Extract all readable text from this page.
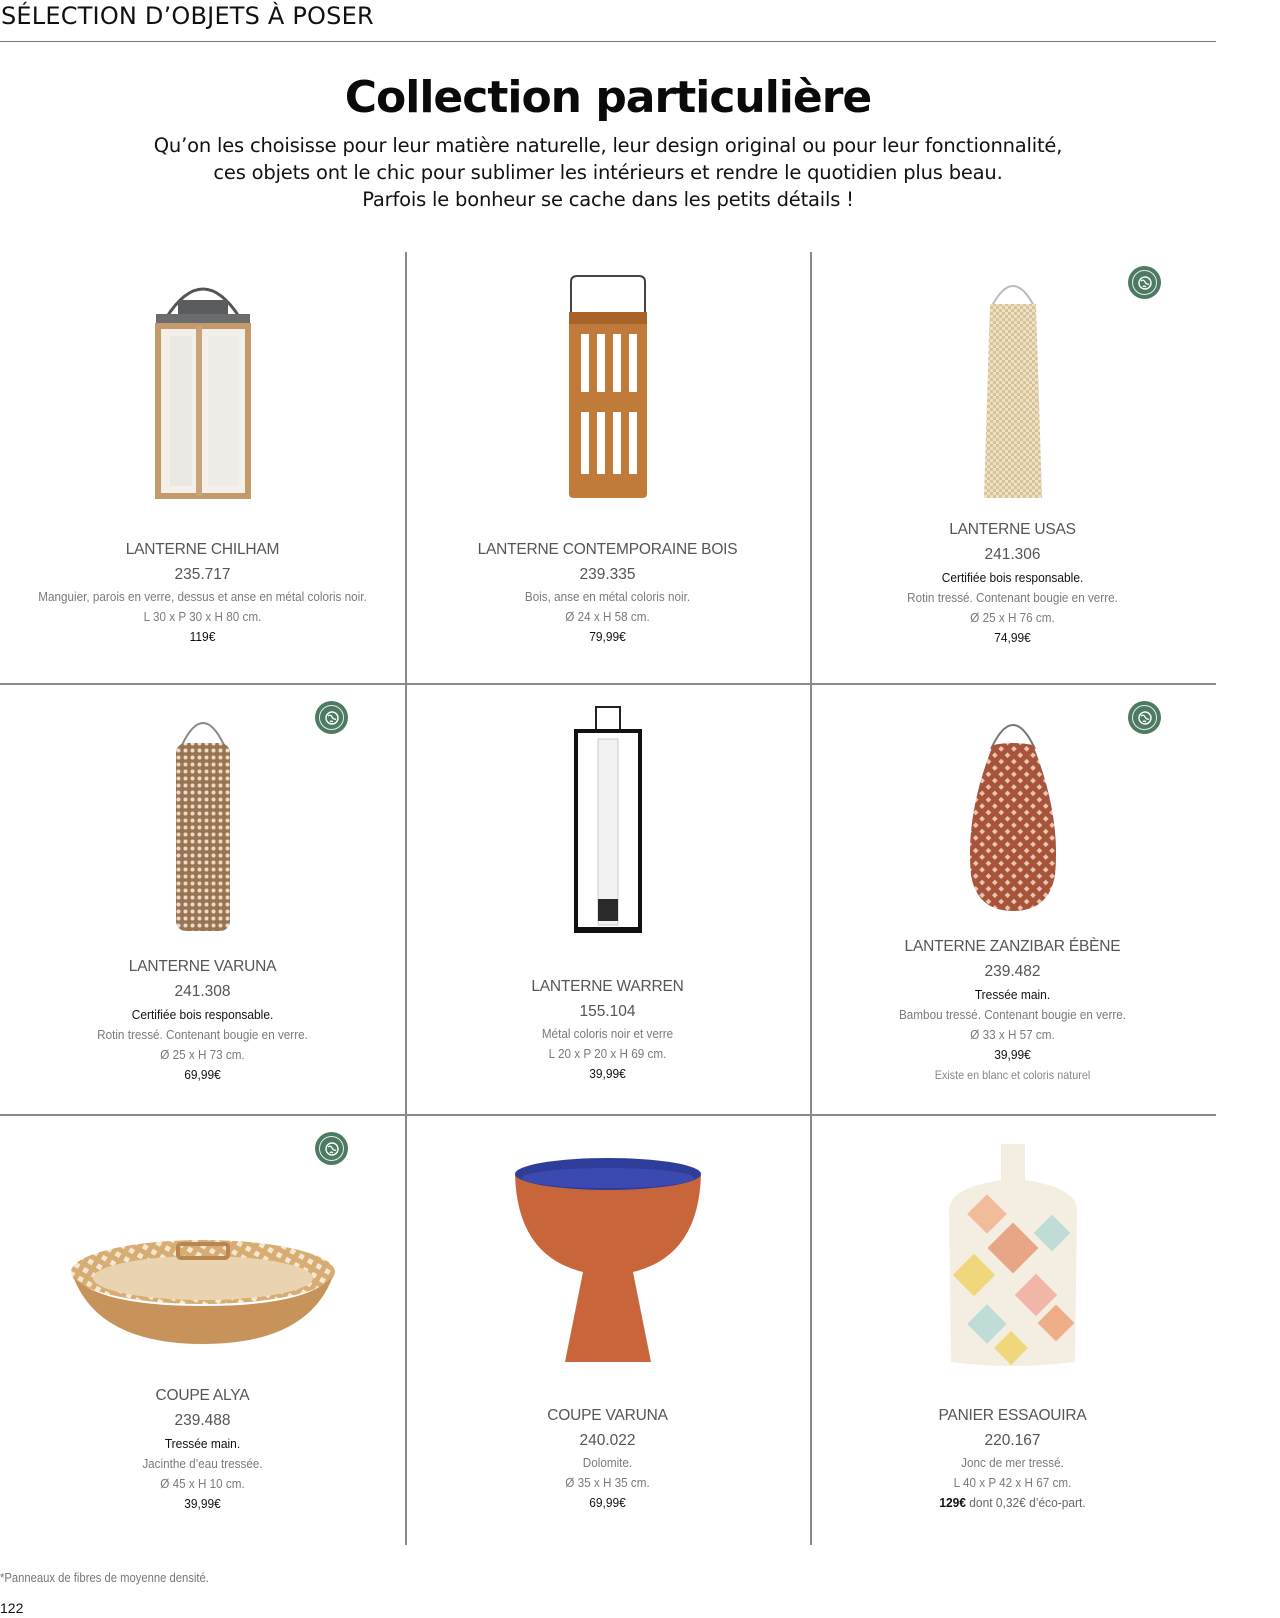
SÉLECTION D’OBJETS À POSER
Collection particulière
Qu’on les choisisse pour leur matière naturelle, leur design original ou pour leur fonctionnalité,
ces objets ont le chic pour sublimer les intérieurs et rendre le quotidien plus beau.
Parfois le bonheur se cache dans les petits détails !
LANTERNE CHILHAM
235.717
Manguier, parois en verre, dessus et anse en métal coloris noir.
L 30 x P 30 x H 80 cm.
119€
LANTERNE CONTEMPORAINE BOIS
239.335
Bois, anse en métal coloris noir.
Ø 24 x H 58 cm.
79,99€
LANTERNE USAS
241.306
Certifiée bois responsable.
Rotin tressé. Contenant bougie en verre.
Ø 25 x H 76 cm.
74,99€
LANTERNE VARUNA
241.308
Certifiée bois responsable.
Rotin tressé. Contenant bougie en verre.
Ø 25 x H 73 cm.
69,99€
LANTERNE WARREN
155.104
Métal coloris noir et verre
L 20 x P 20 x H 69 cm.
39,99€
LANTERNE ZANZIBAR ÉBÈNE
239.482
Tressée main.
Bambou tressé. Contenant bougie en verre.
Ø 33 x H 57 cm.
39,99€
Existe en blanc et coloris naturel
COUPE ALYA
239.488
Tressée main.
Jacinthe d’eau tressée.
Ø 45 x H 10 cm.
39,99€
COUPE VARUNA
240.022
Dolomite.
Ø 35 x H 35 cm.
69,99€
PANIER ESSAOUIRA
220.167
Jonc de mer tressé.
L 40 x P 42 x H 67 cm.
129€ dont 0,32€ d’éco-part.
*Panneaux de fibres de moyenne densité.
122
